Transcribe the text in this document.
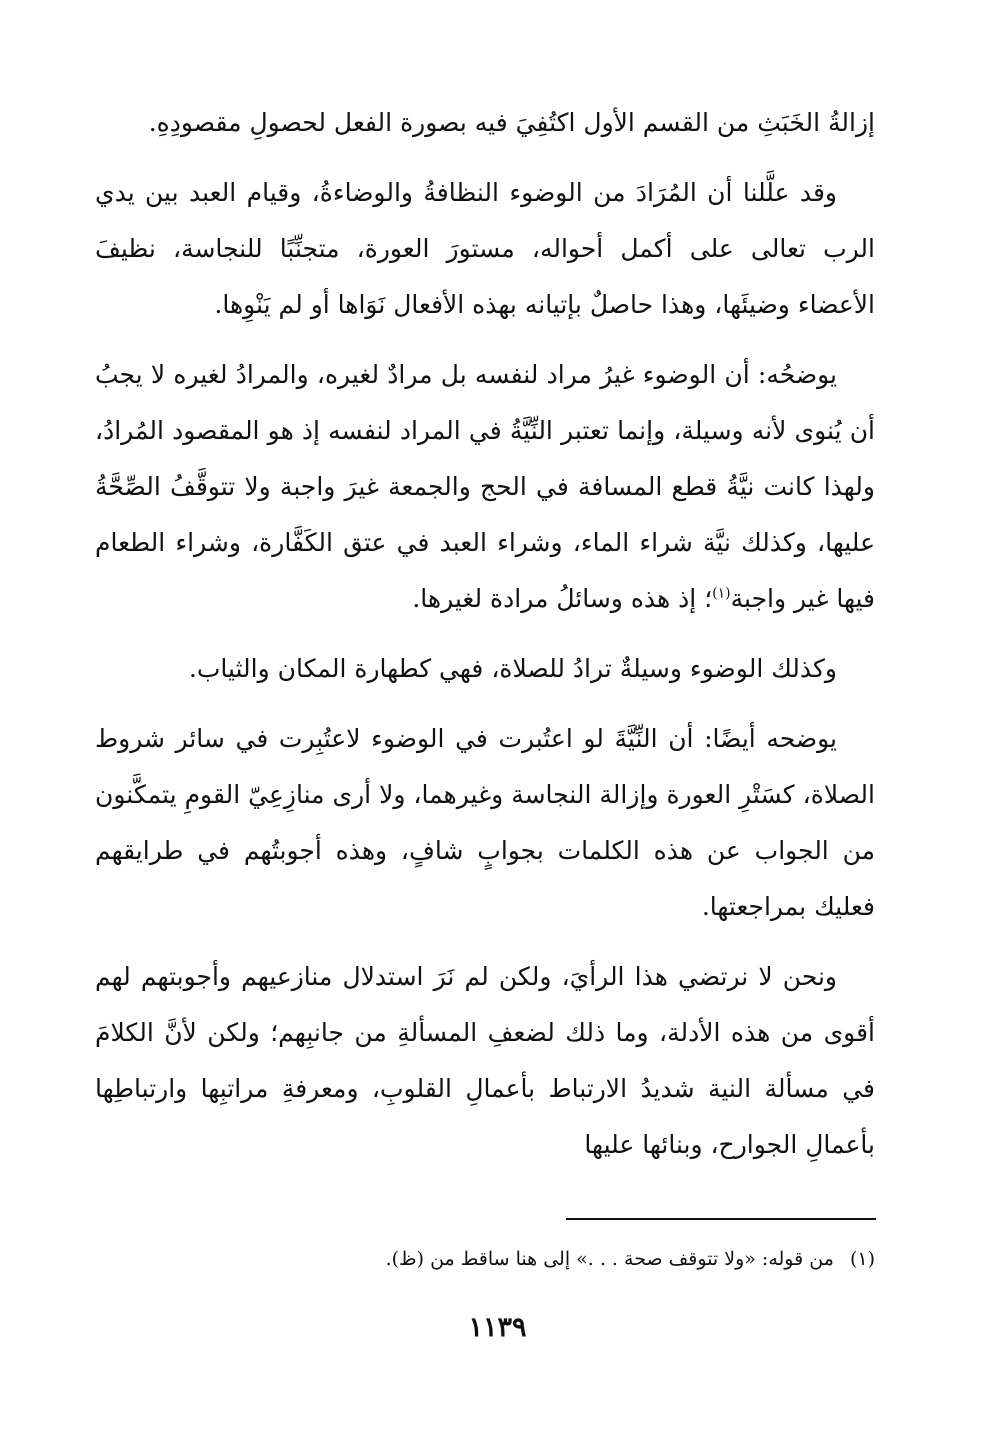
إزالةُ الخَبَثِ من القسم الأول اكتُفِيَ فيه بصورة الفعل لحصولِ مقصودِهِ.

وقد علَّلنا أن المُرَادَ من الوضوء النظافةُ والوضاءةُ، وقيام العبد بين يدي الرب تعالى على أكمل أحواله، مستورَ العورة، متجنِّبًا للنجاسة، نظيفَ الأعضاء وضيئَها، وهذا حاصلٌ بإتيانه بهذه الأفعال نَوَاها أو لم يَنْوِها.

يوضحُه: أن الوضوء غيرُ مراد لنفسه بل مرادٌ لغيره، والمرادُ لغيره لا يجبُ أن يُنوى لأنه وسيلة، وإنما تعتبر النِّيَّةُ في المراد لنفسه إذ هو المقصود المُرادُ، ولهذا كانت نيَّةُ قطع المسافة في الحج والجمعة غيرَ واجبة ولا تتوقَّفُ الصِّحَّةُ عليها، وكذلك نيَّة شراء الماء، وشراء العبد في عتق الكَفَّارة، وشراء الطعام فيها غير واجبة$^{(١)}$؛ إذ هذه وسائلُ مرادة لغيرها.

وكذلك الوضوء وسيلةٌ ترادُ للصلاة، فهي كطهارة المكان والثياب.

يوضحه أيضًا: أن النِّيَّةَ لو اعتُبرت في الوضوء لاعتُبِرت في سائر شروط الصلاة، كسَتْرِ العورة وإزالة النجاسة وغيرهما، ولا أرى منازِعِيّ القومِ يتمكَّنون من الجواب عن هذه الكلمات بجوابٍ شافٍ، وهذه أجوبتُهم في طرايقهم فعليك بمراجعتها.

ونحن لا نرتضي هذا الرأيَ، ولكن لم نَرَ استدلال منازعيهم وأجوبتهم لهم أقوى من هذه الأدلة، وما ذلك لضعفِ المسألةِ من جانبِهم؛ ولكن لأنَّ الكلامَ في مسألة النية شديدُ الارتباط بأعمالِ القلوبِ، ومعرفةِ مراتبِها وارتباطِها بأعمالِ الجوارح، وبنائها عليها

(١) من قوله: «ولا تتوقف صحة . . .» إلى هنا ساقط من (ظ).
١١٣٩
